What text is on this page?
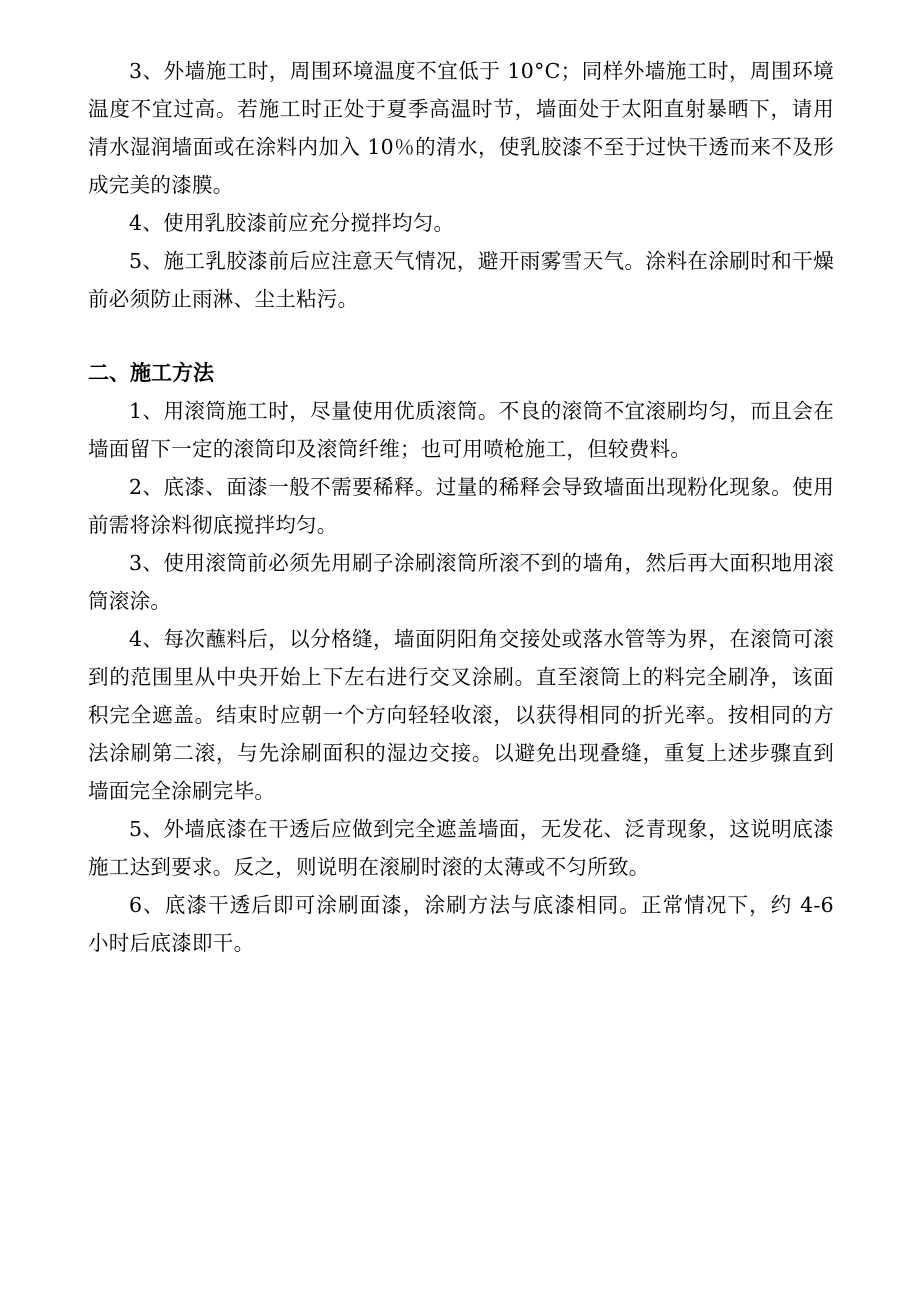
3、外墙施工时，周围环境温度不宜低于 10°C；同样外墙施工时，周围环境温度不宜过高。若施工时正处于夏季高温时节，墙面处于太阳直射暴晒下，请用清水湿润墙面或在涂料内加入 10％的清水，使乳胶漆不至于过快干透而来不及形成完美的漆膜。

4、使用乳胶漆前应充分搅拌均匀。

5、施工乳胶漆前后应注意天气情况，避开雨雾雪天气。涂料在涂刷时和干燥前必须防止雨淋、尘土粘污。

二、施工方法

1、用滚筒施工时，尽量使用优质滚筒。不良的滚筒不宜滚刷均匀，而且会在墙面留下一定的滚筒印及滚筒纤维；也可用喷枪施工，但较费料。

2、底漆、面漆一般不需要稀释。过量的稀释会导致墙面出现粉化现象。使用前需将涂料彻底搅拌均匀。

3、使用滚筒前必须先用刷子涂刷滚筒所滚不到的墙角，然后再大面积地用滚筒滚涂。

4、每次蘸料后，以分格缝，墙面阴阳角交接处或落水管等为界，在滚筒可滚到的范围里从中央开始上下左右进行交叉涂刷。直至滚筒上的料完全刷净，该面积完全遮盖。结束时应朝一个方向轻轻收滚，以获得相同的折光率。按相同的方法涂刷第二滚，与先涂刷面积的湿边交接。以避免出现叠缝，重复上述步骤直到墙面完全涂刷完毕。

5、外墙底漆在干透后应做到完全遮盖墙面，无发花、泛青现象，这说明底漆施工达到要求。反之，则说明在滚刷时滚的太薄或不匀所致。

6、底漆干透后即可涂刷面漆，涂刷方法与底漆相同。正常情况下，约 4-6 小时后底漆即干。
